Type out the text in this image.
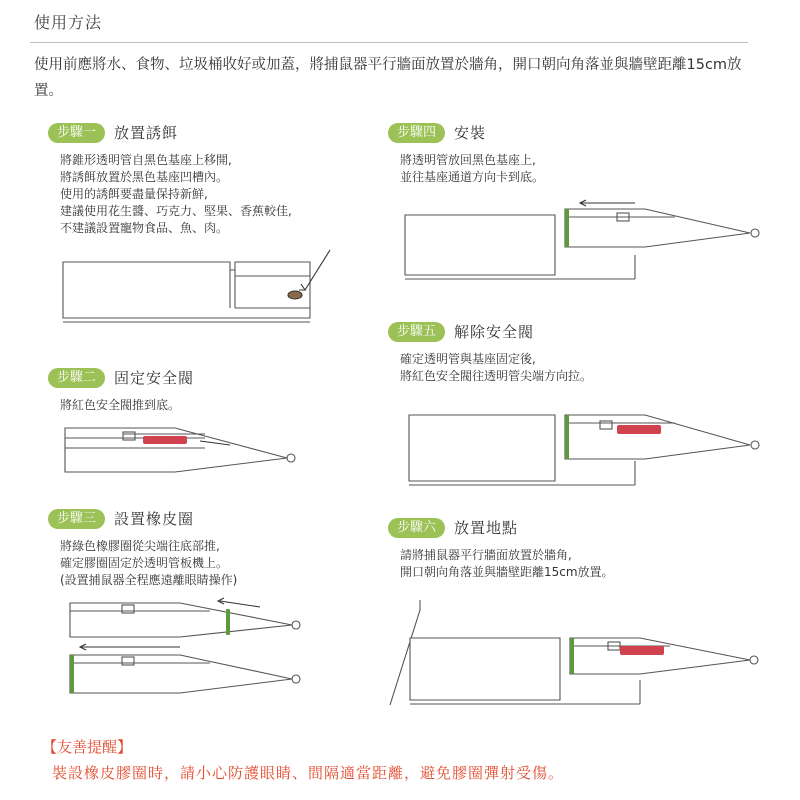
使用方法
使用前應將水、食物、垃圾桶收好或加蓋，將捕鼠器平行牆面放置於牆角，開口朝向角落並與牆壁距離15cm放置。
步驟一	放置誘餌
將錐形透明管自黑色基座上移開,
將誘餌放置於黑色基座凹槽內。
使用的誘餌要盡量保持新鮮,
建議使用花生醬、巧克力、堅果、香蕉較佳,
不建議設置寵物食品、魚、肉。
步驟二	固定安全閥
將紅色安全閥推到底。
步驟三	設置橡皮圈
將綠色橡膠圈從尖端往底部推,
確定膠圈固定於透明管板機上。
(設置捕鼠器全程應遠離眼睛操作)
步驟四	安裝
將透明管放回黑色基座上,
並往基座通道方向卡到底。
步驟五	解除安全閥
確定透明管與基座固定後,
將紅色安全閥往透明管尖端方向拉。
步驟六	放置地點
請將捕鼠器平行牆面放置於牆角,
開口朝向角落並與牆壁距離15cm放置。
【友善提醒】
裝設橡皮膠圈時，請小心防護眼睛、間隔適當距離，避免膠圈彈射受傷。
